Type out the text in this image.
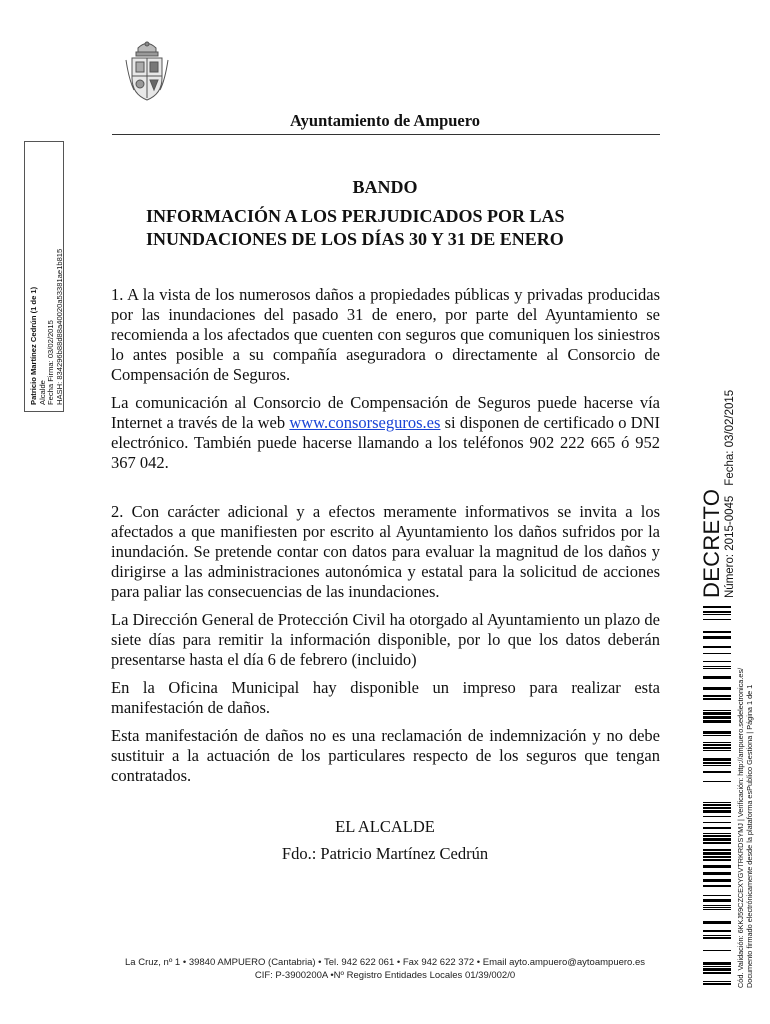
Ayuntamiento de Ampuero
Patricio Martínez Cedrún (1 de 1) Alcalde Fecha Firma: 03/02/2015 HASH: 834296b88d88a40020a53381ae1b815
DECRETO Número: 2015-0045Fecha: 03/02/2015
Cód. Validación: 6KKJ59CZCEXYGVTRKRDSYMJ | Verificación: http://ampuero.sedelectronica.es/ Documento firmado electrónicamente desde la plataforma esPublico Gestiona | Página 1 de 1
BANDO
INFORMACIÓN A LOS PERJUDICADOS POR LAS INUNDACIONES DE LOS DÍAS 30 Y 31 DE ENERO

1. A la vista de los numerosos daños a propiedades públicas y privadas producidas por las inundaciones del pasado 31 de enero, por parte del Ayuntamiento se recomienda a los afectados que cuenten con seguros que comuniquen los siniestros lo antes posible a su compañía aseguradora o directamente al Consorcio de Compensación de Seguros.

La comunicación al Consorcio de Compensación de Seguros puede hacerse vía Internet a través de la web www.consorseguros.es si disponen de certificado o DNI electrónico. También puede hacerse llamando a los teléfonos 902 222 665 ó 952 367 042.

2. Con carácter adicional y a efectos meramente informativos se invita a los afectados a que manifiesten por escrito al Ayuntamiento los daños sufridos por la inundación. Se pretende contar con datos para evaluar la magnitud de los daños y dirigirse a las administraciones autonómica y estatal para la solicitud de acciones para paliar las consecuencias de las inundaciones.

La Dirección General de Protección Civil ha otorgado al Ayuntamiento un plazo de siete días para remitir la información disponible, por lo que los datos deberán presentarse hasta el día 6 de febrero (incluido)

En la Oficina Municipal hay disponible un impreso para realizar esta manifestación de daños.

Esta manifestación de daños no es una reclamación de indemnización y no debe sustituir a la actuación de los particulares respecto de los seguros que tengan contratados.

EL ALCALDE
Fdo.: Patricio Martínez Cedrún
La Cruz, nº 1 • 39840 AMPUERO (Cantabria) • Tel. 942 622 061 • Fax 942 622 372 • Email ayto.ampuero@aytoampuero.es
CIF: P-3900200A •Nº Registro Entidades Locales 01/39/002/0
